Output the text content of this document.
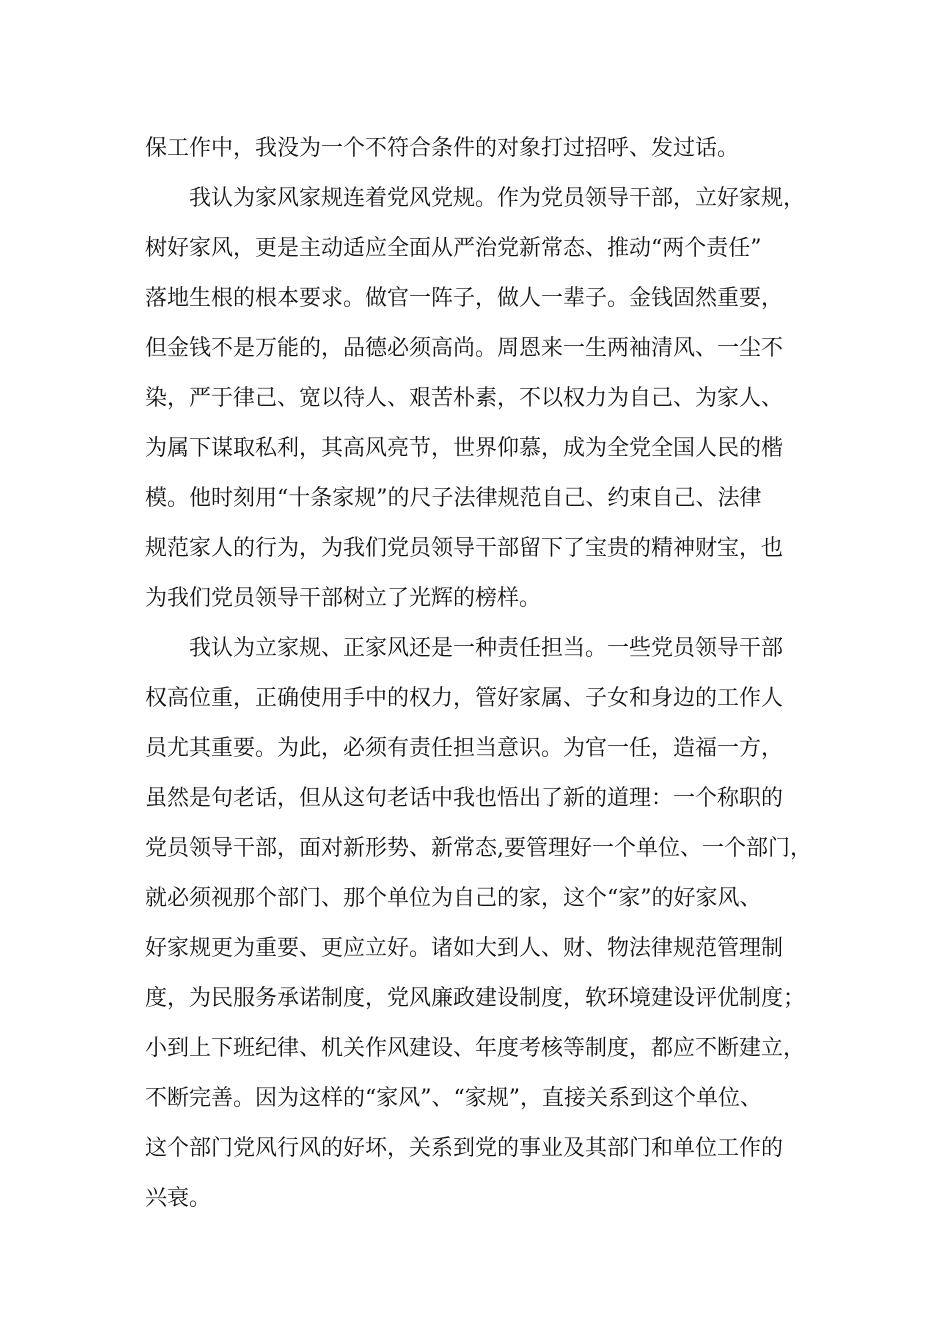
保工作中，我没为一个不符合条件的对象打过招呼、发过话。
我认为家风家规连着党风党规。作为党员领导干部，立好家规，
树好家风，更是主动适应全面从严治党新常态、推动“两个责任”
落地生根的根本要求。做官一阵子，做人一辈子。金钱固然重要，
但金钱不是万能的，品德必须高尚。周恩来一生两袖清风、一尘不
染，严于律己、宽以待人、艰苦朴素，不以权力为自己、为家人、
为属下谋取私利，其高风亮节，世界仰慕，成为全党全国人民的楷
模。他时刻用“十条家规”的尺子法律规范自己、约束自己、法律
规范家人的行为，为我们党员领导干部留下了宝贵的精神财宝，也
为我们党员领导干部树立了光辉的榜样。
我认为立家规、正家风还是一种责任担当。一些党员领导干部
权高位重，正确使用手中的权力，管好家属、子女和身边的工作人
员尤其重要。为此，必须有责任担当意识。为官一任，造福一方，
虽然是句老话，但从这句老话中我也悟出了新的道理：一个称职的
党员领导干部，面对新形势、新常态,要管理好一个单位、一个部门，
就必须视那个部门、那个单位为自己的家，这个“家”的好家风、
好家规更为重要、更应立好。诸如大到人、财、物法律规范管理制
度，为民服务承诺制度，党风廉政建设制度，软环境建设评优制度；
小到上下班纪律、机关作风建设、年度考核等制度，都应不断建立，
不断完善。因为这样的“家风”、“家规”，直接关系到这个单位、
这个部门党风行风的好坏，关系到党的事业及其部门和单位工作的
兴衰。
